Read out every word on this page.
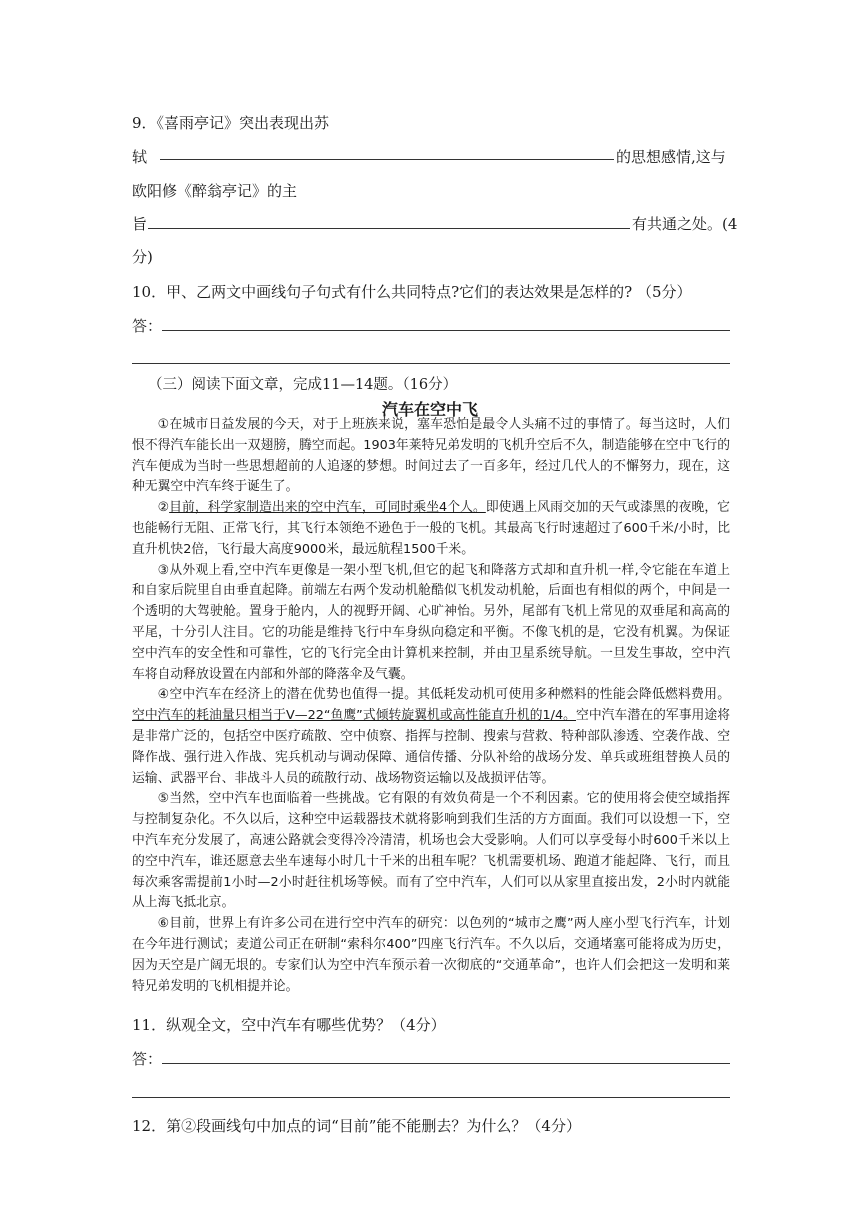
9．《喜雨亭记》突出表现出苏
轼	的思想感情,这与
欧阳修《醉翁亭记》的主
旨	有共通之处。(4
分)
10．甲、乙两文中画线句子句式有什么共同特点?它们的表达效果是怎样的? （5分）
答：
（三）阅读下面文章，完成11—14题。（16分）
汽车在空中飞

①在城市日益发展的今天，对于上班族来说，塞车恐怕是最令人头痛不过的事情了。每当这时，人们恨不得汽车能长出一双翅膀，腾空而起。1903年莱特兄弟发明的飞机升空后不久，制造能够在空中飞行的汽车便成为当时一些思想超前的人追逐的梦想。时间过去了一百多年，经过几代人的不懈努力，现在，这种无翼空中汽车终于诞生了。

②目前，科学家制造出来的空中汽车，可同时乘坐4个人。即使遇上风雨交加的天气或漆黑的夜晚，它也能畅行无阻、正常飞行，其飞行本领绝不逊色于一般的飞机。其最高飞行时速超过了600千米/小时，比直升机快2倍，飞行最大高度9000米，最远航程1500千米。

③从外观上看,空中汽车更像是一架小型飞机,但它的起飞和降落方式却和直升机一样,令它能在车道上和自家后院里自由垂直起降。前端左右两个发动机舱酷似飞机发动机舱，后面也有相似的两个，中间是一个透明的大驾驶舱。置身于舱内，人的视野开阔、心旷神怡。另外，尾部有飞机上常见的双垂尾和高高的平尾，十分引人注目。它的功能是维持飞行中车身纵向稳定和平衡。不像飞机的是，它没有机翼。为保证空中汽车的安全性和可靠性，它的飞行完全由计算机来控制，并由卫星系统导航。一旦发生事故，空中汽车将自动释放设置在内部和外部的降落伞及气囊。

④空中汽车在经济上的潜在优势也值得一提。其低耗发动机可使用多种燃料的性能会降低燃料费用。空中汽车的耗油量只相当于V—22“鱼鹰”式倾转旋翼机或高性能直升机的1/4。空中汽车潜在的军事用途将是非常广泛的，包括空中医疗疏散、空中侦察、指挥与控制、搜索与营救、特种部队渗透、空袭作战、空降作战、强行进入作战、宪兵机动与调动保障、通信传播、分队补给的战场分发、单兵或班组替换人员的运输、武器平台、非战斗人员的疏散行动、战场物资运输以及战损评估等。

⑤当然，空中汽车也面临着一些挑战。它有限的有效负荷是一个不利因素。它的使用将会使空域指挥与控制复杂化。不久以后，这种空中运载器技术就将影响到我们生活的方方面面。我们可以设想一下，空中汽车充分发展了，高速公路就会变得冷冷清清，机场也会大受影响。人们可以享受每小时600千米以上的空中汽车，谁还愿意去坐车速每小时几十千米的出租车呢？飞机需要机场、跑道才能起降、飞行，而且每次乘客需提前1小时—2小时赶往机场等候。而有了空中汽车，人们可以从家里直接出发，2小时内就能从上海飞抵北京。

⑥目前，世界上有许多公司在进行空中汽车的研究：以色列的“城市之鹰”两人座小型飞行汽车，计划在今年进行测试；麦道公司正在研制“索科尔400”四座飞行汽车。不久以后，交通堵塞可能将成为历史，因为天空是广阔无垠的。专家们认为空中汽车预示着一次彻底的“交通革命”，也许人们会把这一发明和莱特兄弟发明的飞机相提并论。

11．纵观全文，空中汽车有哪些优势？（4分）
答：
12．第②段画线句中加点的词“目前”能不能删去？为什么？（4分）
